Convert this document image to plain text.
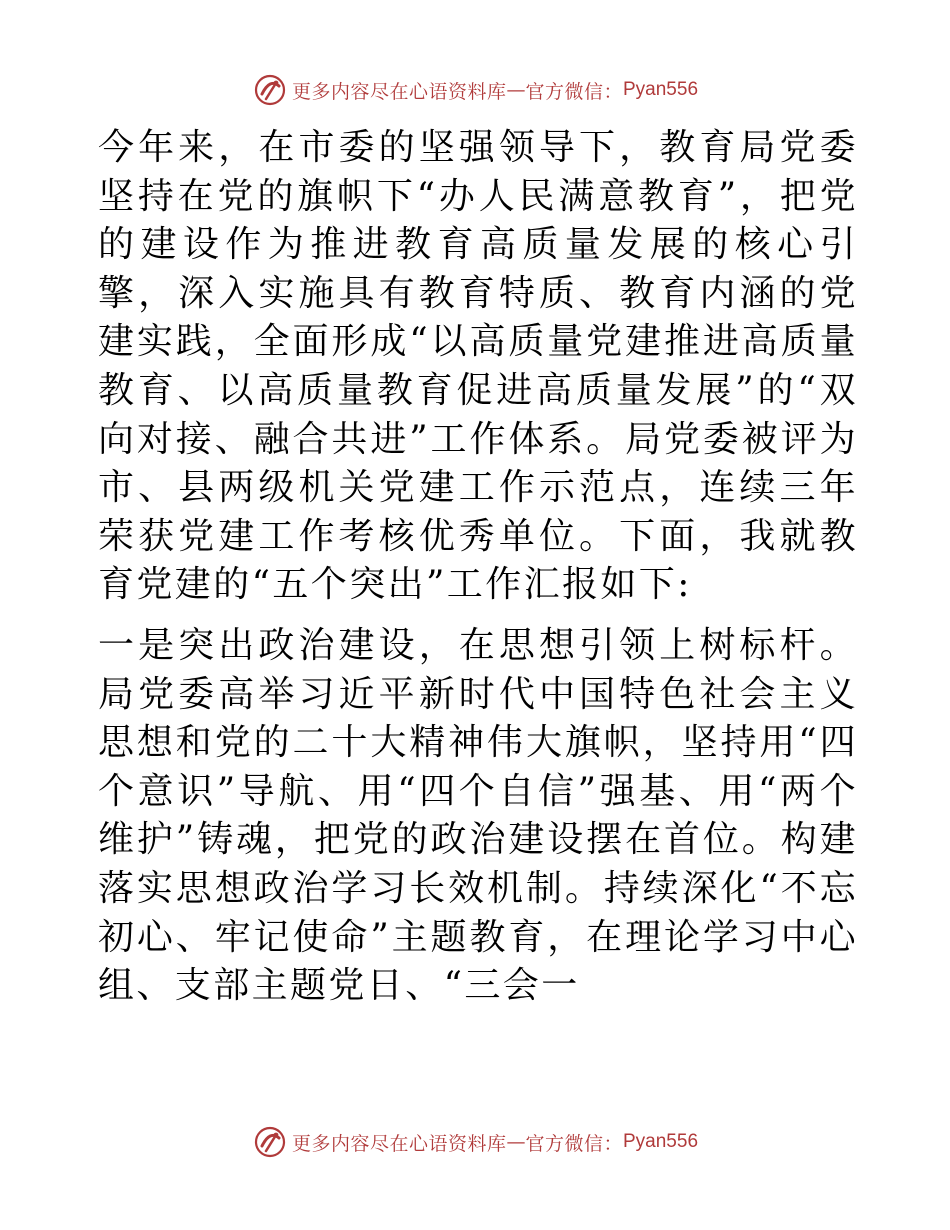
更多内容尽在心语资料库 — 官方微信： Pyan556

今年来，在市委的坚强领导下，教育局党委坚持在党的旗帜下“办人民满意教育”，把党的建设作为推进教育高质量发展的核心引擎，深入实施具有教育特质、教育内涵的党建实践，全面形成“以高质量党建推进高质量教育、以高质量教育促进高质量发展”的“双向对接、融合共进”工作体系。局党委被评为市、县两级机关党建工作示范点，连续三年荣获党建工作考核优秀单位。下面，我就教育党建的“五个突出”工作汇报如下:

一是突出政治建设，在思想引领上树标杆。局党委高举习近平新时代中国特色社会主义思想和党的二十大精神伟大旗帜，坚持用“四个意识”导航、用“四个自信”强基、用“两个维护”铸魂，把党的政治建设摆在首位。构建落实思想政治学习长效机制。持续深化“不忘初心、牢记使命”主题教育，在理论学习中心组、支部主题党日、“三会一

更多内容尽在心语资料库 — 官方微信： Pyan556
